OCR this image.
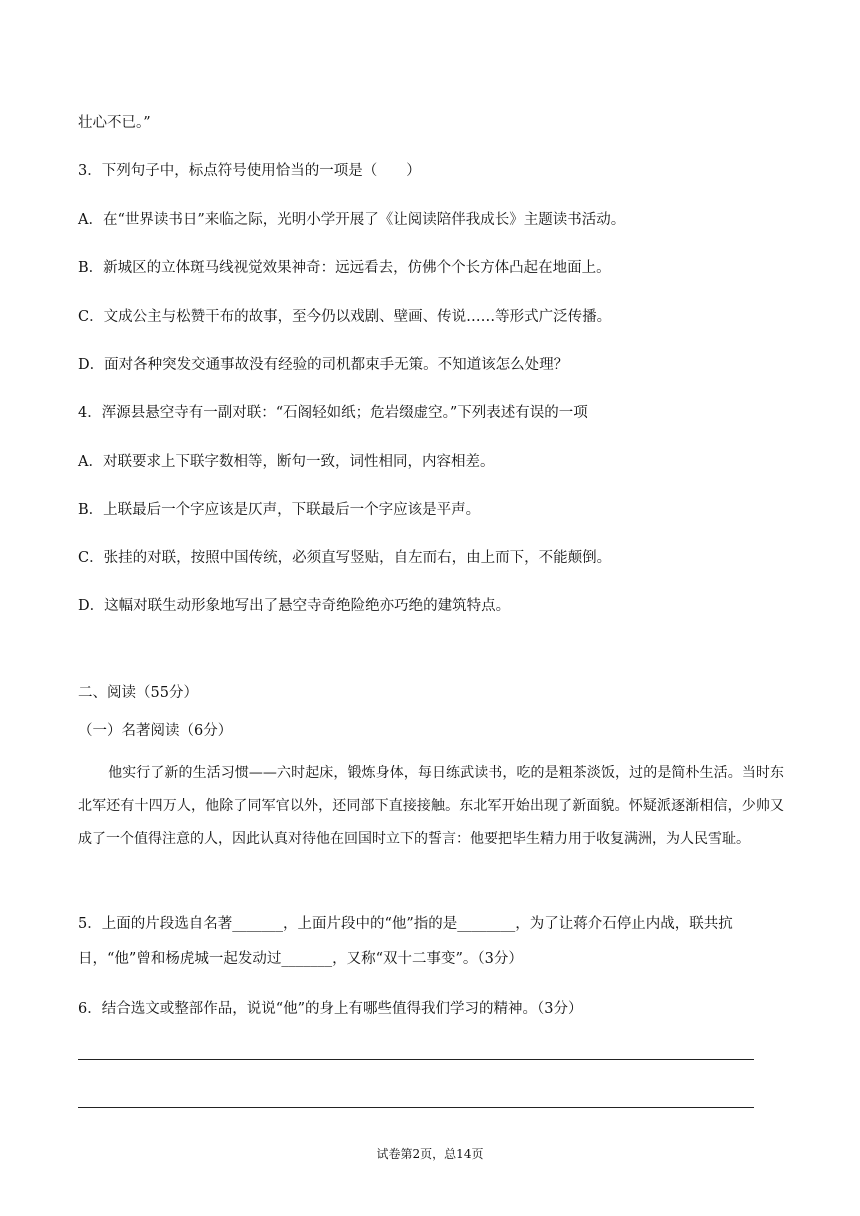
壮心不已。”
3．下列句子中，标点符号使用恰当的一项是（　　）
A．在“世界读书日”来临之际，光明小学开展了《让阅读陪伴我成长》主题读书活动。
B．新城区的立体斑马线视觉效果神奇：远远看去，仿佛个个长方体凸起在地面上。
C．文成公主与松赞干布的故事，至今仍以戏剧、壁画、传说……等形式广泛传播。
D．面对各种突发交通事故没有经验的司机都束手无策。不知道该怎么处理？
4．浑源县悬空寺有一副对联：“石阁轻如纸；危岩缀虚空。”下列表述有误的一项
A．对联要求上下联字数相等，断句一致，词性相同，内容相差。
B．上联最后一个字应该是仄声，下联最后一个字应该是平声。
C．张挂的对联，按照中国传统，必须直写竖贴，自左而右，由上而下，不能颠倒。
D．这幅对联生动形象地写出了悬空寺奇绝险绝亦巧绝的建筑特点。
二、阅读（55分）
（一）名著阅读（6分）
他实行了新的生活习惯——六时起床，锻炼身体，每日练武读书，吃的是粗茶淡饭，过的是简朴生活。当时东北军还有十四万人，他除了同军官以外，还同部下直接接触。东北军开始出现了新面貌。怀疑派逐渐相信，少帅又成了一个值得注意的人，因此认真对待他在回国时立下的誓言：他要把毕生精力用于收复满洲，为人民雪耻。
5．上面的片段选自名著_______，上面片段中的“他”指的是________，为了让蒋介石停止内战，联共抗
日，“他”曾和杨虎城一起发动过_______，又称“双十二事变”。（3分）
6．结合选文或整部作品，说说“他”的身上有哪些值得我们学习的精神。（3分）
试卷第2页，总14页
